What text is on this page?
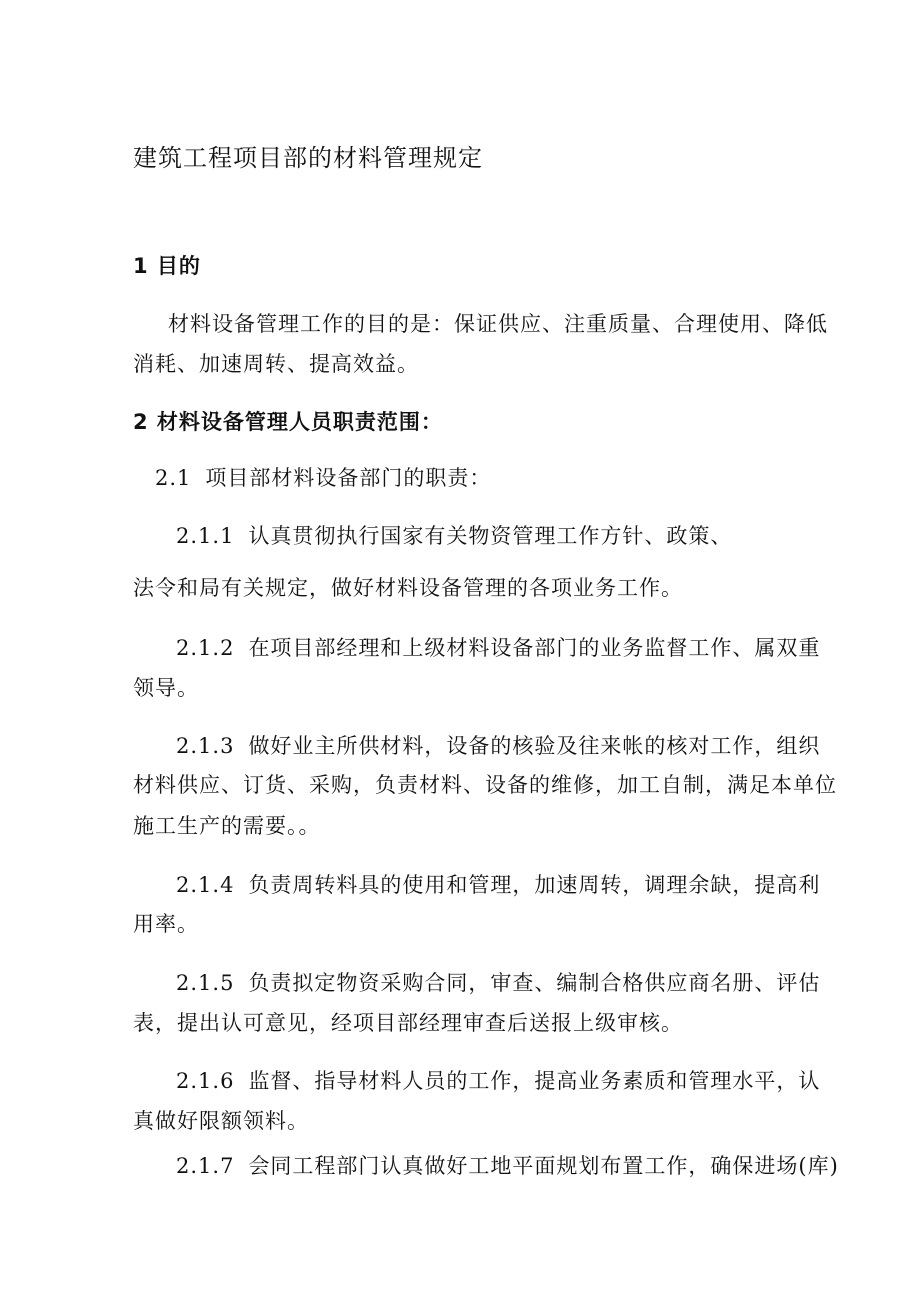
建筑工程项目部的材料管理规定
1 目的
材料设备管理工作的目的是：保证供应、注重质量、合理使用、降低
消耗、加速周转、提高效益。
2 材料设备管理人员职责范围：
2.1 项目部材料设备部门的职责：
2.1.1 认真贯彻执行国家有关物资管理工作方针、政策、
法令和局有关规定，做好材料设备管理的各项业务工作。
2.1.2 在项目部经理和上级材料设备部门的业务监督工作、属双重
领导。
2.1.3 做好业主所供材料，设备的核验及往来帐的核对工作，组织
材料供应、订货、采购，负责材料、设备的维修，加工自制，满足本单位
施工生产的需要。。
2.1.4 负责周转料具的使用和管理，加速周转，调理余缺，提高利
用率。
2.1.5 负责拟定物资采购合同，审查、编制合格供应商名册、评估
表，提出认可意见，经项目部经理审查后送报上级审核。
2.1.6 监督、指导材料人员的工作，提高业务素质和管理水平，认
真做好限额领料。
2.1.7 会同工程部门认真做好工地平面规划布置工作，确保进场(库)
